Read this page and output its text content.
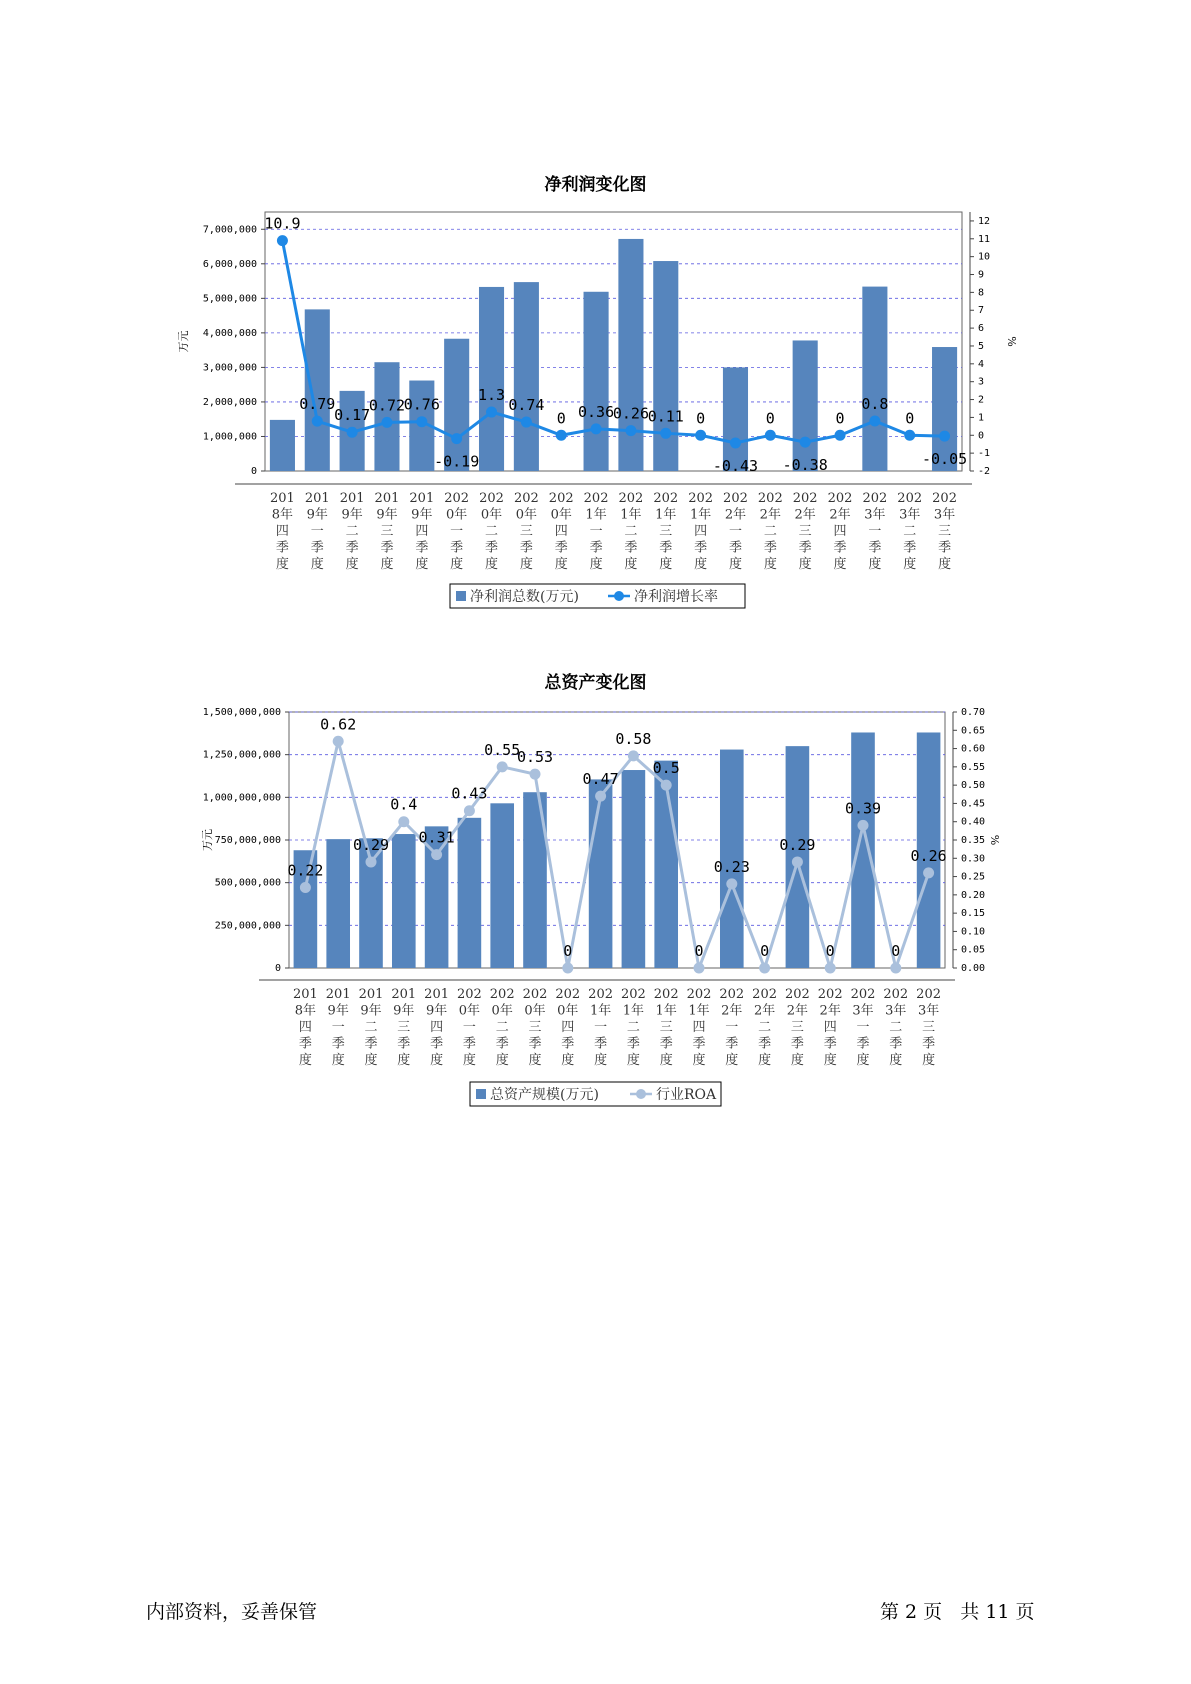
净利润变化图
0
1,000,000
2,000,000
3,000,000
4,000,000
5,000,000
6,000,000
7,000,000
-2
-1
0
1
2
3
4
5
6
7
8
9
10
11
12
万元	%
10.9
0.79
0.17
0.72
0.76
-0.19
1.3
0.74
0 0.36
0.26
0.11 0
-0.43
0
-0.38
0
0.8
0
-0.05
201
8年
四
季
度
201
9年
一
季
度
201
9年
二
季
度
201
9年
三
季
度
201
9年
四
季
度
202
0年
一
季
度
202
0年
二
季
度
202
0年
三
季
度
202
0年
四
季
度
202
1年
一
季
度
202
1年
二
季
度
202
1年
三
季
度
202
1年
四
季
度
202
2年
一
季
度
202
2年
二
季
度
202
2年
三
季
度
202
2年
四
季
度
202
3年
一
季
度
202
3年
二
季
度
202
3年
三
季
度
净利润总数(万元)	净利润增长率
总资产变化图
0
250,000,000
500,000,000
750,000,000
1,000,000,000
1,250,000,000
1,500,000,000
0.00
0.05
0.10
0.15
0.20
0.25
0.30
0.35
0.40
0.45
0.50
0.55
0.60
0.65
0.70
万元	%
0.22
0.62
0.29
0.4
0.31
0.43
0.55
0.53
0
0.47
0.58
0.5
0
0.23
0
0.29
0
0.39
0
0.26
201
8年
四
季
度
201
9年
一
季
度
201
9年
二
季
度
201
9年
三
季
度
201
9年
四
季
度
202
0年
一
季
度
202
0年
二
季
度
202
0年
三
季
度
202
0年
四
季
度
202
1年
一
季
度
202
1年
二
季
度
202
1年
三
季
度
202
1年
四
季
度
202
2年
一
季
度
202
2年
二
季
度
202
2年
三
季
度
202
2年
四
季
度
202
3年
一
季
度
202
3年
二
季
度
202
3年
三
季
度
总资产规模(万元)	行业ROA
内部资料，妥善保管	第 2 页 共 11 页
